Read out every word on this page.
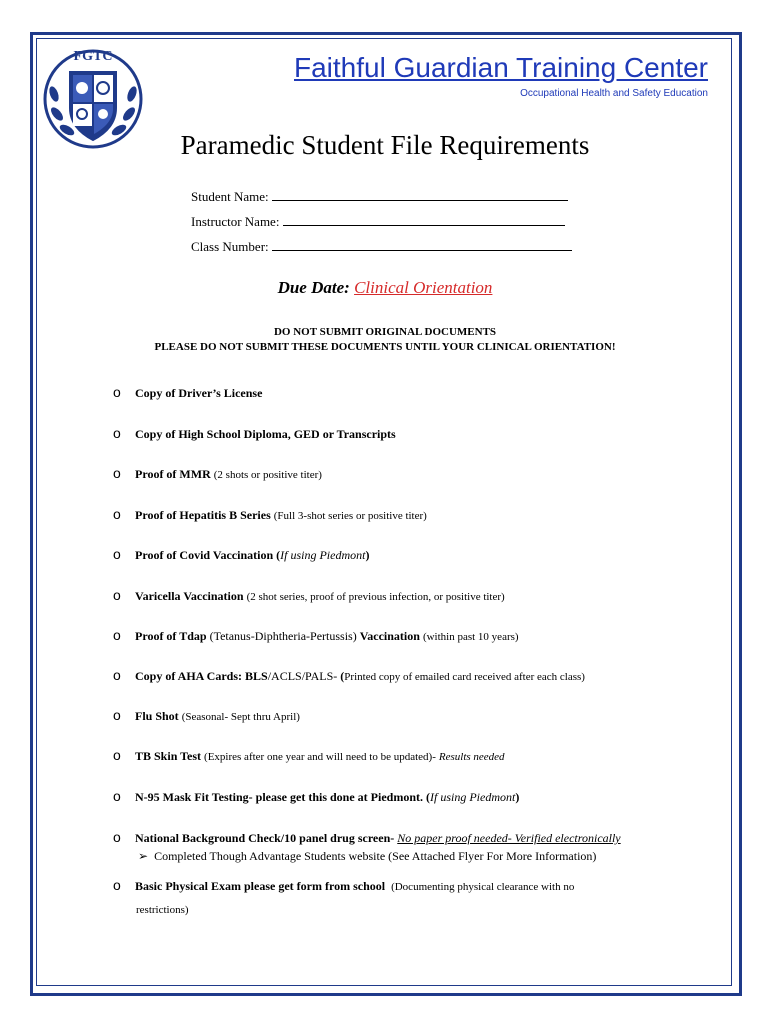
FGTC	Faithful Guardian Training Center
Occupational Health and Safety Education
Paramedic Student File Requirements
Student Name:
Instructor Name:
Class Number:
Due Date: Clinical Orientation
DO NOT SUBMIT ORIGINAL DOCUMENTS
PLEASE DO NOT SUBMIT THESE DOCUMENTS UNTIL YOUR CLINICAL ORIENTATION!
o Copy of Driver’s License
o Copy of High School Diploma, GED or Transcripts
o Proof of MMR (2 shots or positive titer)
o Proof of Hepatitis B Series (Full 3-shot series or positive titer)
o Proof of Covid Vaccination (If using Piedmont)
o Varicella Vaccination (2 shot series, proof of previous infection, or positive titer)
o Proof of Tdap (Tetanus-Diphtheria-Pertussis) Vaccination (within past 10 years)
o Copy of AHA Cards: BLS/ACLS/PALS- (Printed copy of emailed card received after each class)
o Flu Shot (Seasonal- Sept thru April)
o TB Skin Test (Expires after one year and will need to be updated)- Results needed
o N-95 Mask Fit Testing- please get this done at Piedmont. (If using Piedmont)
o National Background Check/10 panel drug screen- No paper proof needed- Verified electronically
➢ Completed Though Advantage Students website (See Attached Flyer For More Information)
o Basic Physical Exam please get form from school (Documenting physical clearance with no
restrictions)
